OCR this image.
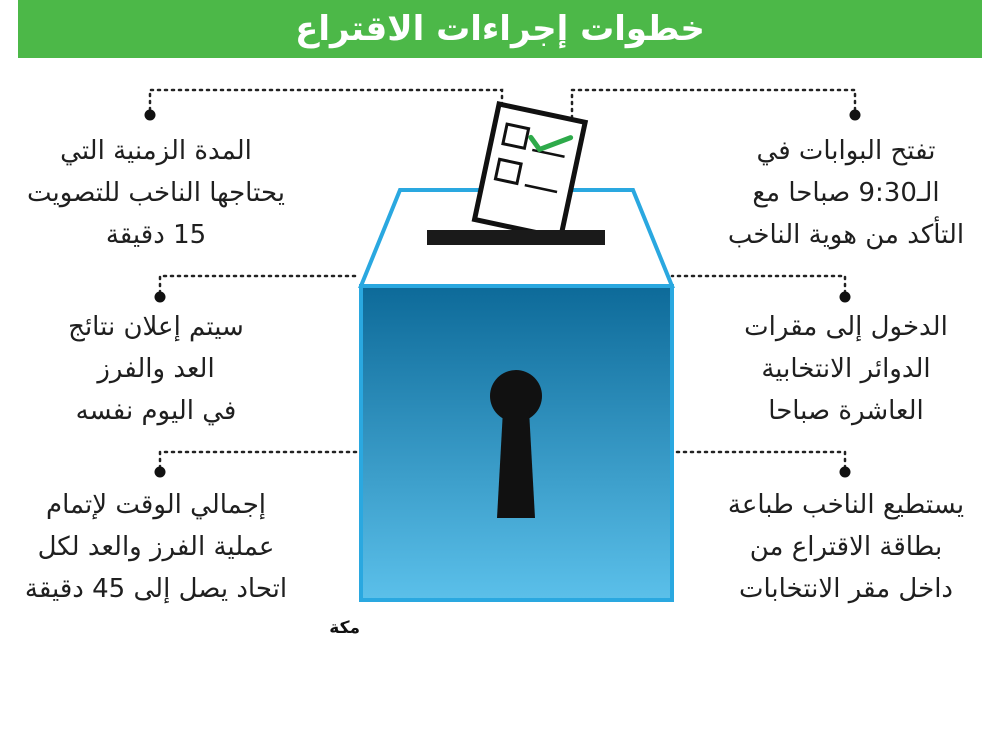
خطوات إجراءات الاقتراع
تفتح البوابات في
الـ9:30 صباحا مع
التأكد من هوية الناخب
الدخول إلى مقرات
الدوائر الانتخابية
العاشرة صباحا
يستطيع الناخب طباعة
بطاقة الاقتراع من
داخل مقر الانتخابات
المدة الزمنية التي
يحتاجها الناخب للتصويت
15 دقيقة
سيتم إعلان نتائج
العد والفرز
في اليوم نفسه
إجمالي الوقت لإتمام
عملية الفرز والعد لكل
اتحاد يصل إلى 45 دقيقة
مكة
